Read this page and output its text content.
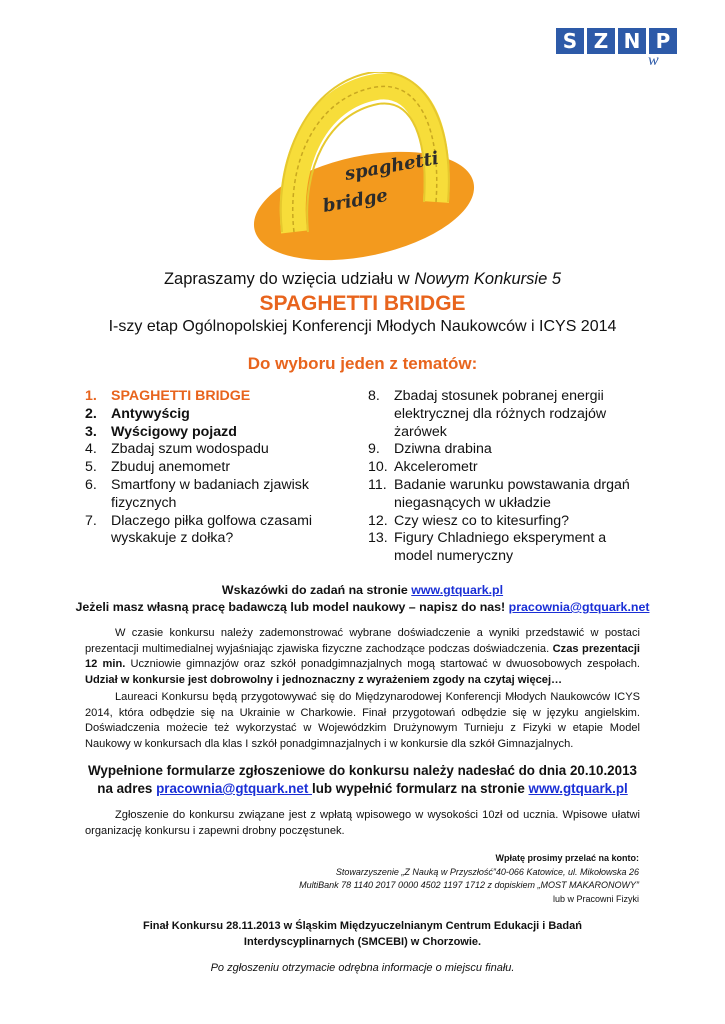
S Z N P
w
spaghetti
bridge
Zapraszamy do wzięcia udziału w Nowym Konkursie 5
SPAGHETTI BRIDGE
I-szy etap Ogólnopolskiej Konferencji Młodych Naukowców i ICYS 2014
Do wyboru jeden z tematów:
1. SPAGHETTI BRIDGE
2. Antywyścig
3. Wyścigowy pojazd
4. Zbadaj szum wodospadu
5. Zbuduj anemometr
6. Smartfony w badaniach zjawisk fizycznych
7. Dlaczego piłka golfowa czasami wyskakuje z dołka?
8. Zbadaj stosunek pobranej energii elektrycznej dla różnych rodzajów żarówek
9. Dziwna drabina
10. Akcelerometr
11. Badanie warunku powstawania drgań niegasnących w układzie
12. Czy wiesz co to kitesurfing?
13. Figury Chladniego eksperyment a model numeryczny
Wskazówki do zadań na stronie www.gtquark.pl
Jeżeli masz własną pracę badawczą lub model naukowy – napisz do nas! pracownia@gtquark.net
W czasie konkursu należy zademonstrować wybrane doświadczenie a wyniki przedstawić w postaci prezentacji multimedialnej wyjaśniając zjawiska fizyczne zachodzące podczas doświadczenia. Czas prezentacji 12 min. Uczniowie gimnazjów oraz szkół ponadgimnazjalnych mogą startować w dwuosobowych zespołach. Udział w konkursie jest dobrowolny i jednoznaczny z wyrażeniem zgody na czytaj więcej…
Laureaci Konkursu będą przygotowywać się do Międzynarodowej Konferencji Młodych Naukowców ICYS 2014, która odbędzie się na Ukrainie w Charkowie. Finał przygotowań odbędzie się w języku angielskim. Doświadczenia możecie też wykorzystać w Wojewódzkim Drużynowym Turnieju z Fizyki w etapie Model Naukowy w konkursach dla klas I szkół ponadgimnazjalnych i w konkursie dla szkół Gimnazjalnych.
Wypełnione formularze zgłoszeniowe do konkursu należy nadesłać do dnia 20.10.2013
na adres pracownia@gtquark.net lub wypełnić formularz na stronie www.gtquark.pl
Zgłoszenie do konkursu związane jest z wpłatą wpisowego w wysokości 10zł od ucznia. Wpisowe ułatwi organizację konkursu i zapewni drobny poczęstunek.
Wpłatę prosimy przelać na konto:
Stowarzyszenie „Z Nauką w Przyszłość”40-066 Katowice, ul. Mikołowska 26
MultiBank 78 1140 2017 0000 4502 1197 1712 z dopiskiem „MOST MAKARONOWY”
lub w Pracowni Fizyki
Finał Konkursu 28.11.2013 w Śląskim Międzyuczelnianym Centrum Edukacji i Badań
Interdyscyplinarnych (SMCEBI) w Chorzowie.
Po zgłoszeniu otrzymacie odrębna informacje o miejscu finału.
